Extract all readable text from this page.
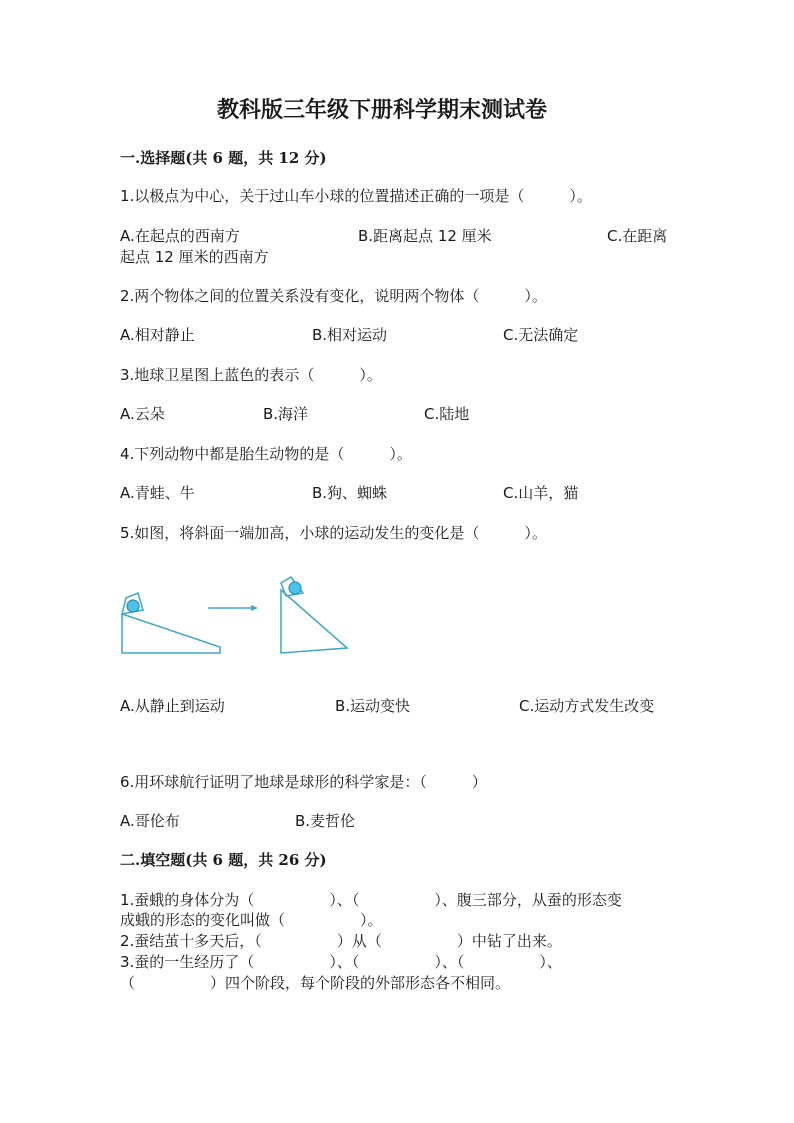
教科版三年级下册科学期末测试卷
一.选择题(共 6 题，共 12 分)
1.以极点为中心，关于过山车小球的位置描述正确的一项是（　　　）。
A.在起点的西南方	B.距离起点 12 厘米	C.在距离
起点 12 厘米的西南方
2.两个物体之间的位置关系没有变化，说明两个物体（　　　）。
A.相对静止	B.相对运动	C.无法确定
3.地球卫星图上蓝色的表示（　　　）。
A.云朵	B.海洋	C.陆地
4.下列动物中都是胎生动物的是（　　　）。
A.青蛙、牛	B.狗、蜘蛛	C.山羊，猫
5.如图，将斜面一端加高，小球的运动发生的变化是（　　　）。
A.从静止到运动	B.运动变快	C.运动方式发生改变
6.用环球航行证明了地球是球形的科学家是：（　　　）
A.哥伦布	B.麦哲伦
二.填空题(共 6 题，共 26 分)
1.蚕蛾的身体分为（　　　　　）、（　　　　　）、腹三部分，从蚕的形态变
成蛾的形态的变化叫做（　　　　　）。
2.蚕结茧十多天后，（　　　　　）从（　　　　　）中钻了出来。
3.蚕的一生经历了（　　　　　）、（　　　　　）、（　　　　　）、
（　　　　　）四个阶段，每个阶段的外部形态各不相同。
